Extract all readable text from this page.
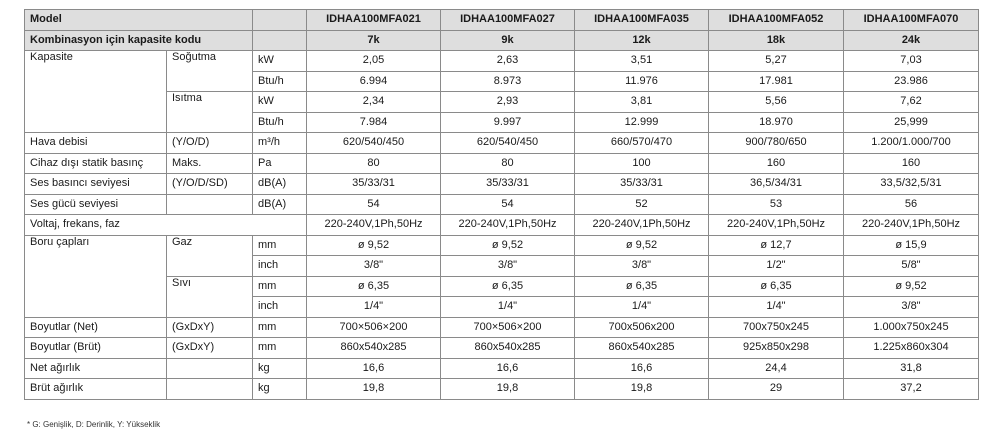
Model			IDHAA100MFA021	IDHAA100MFA027	IDHAA100MFA035	IDHAA100MFA052	IDHAA100MFA070
Kombinasyon için kapasite kodu			7k	9k	12k	18k	24k
Kapasite	Soğutma	kW	2,05	2,63	3,51	5,27	7,03
		Btu/h	6.994	8.973	11.976	17.981	23.986
	Isıtma	kW	2,34	2,93	3,81	5,56	7,62
		Btu/h	7.984	9.997	12.999	18.970	25,999
Hava debisi	(Y/O/D)	m³/h	620/540/450	620/540/450	660/570/470	900/780/650	1.200/1.000/700
Cihaz dışı statik basınç	Maks.	Pa	80	80	100	160	160
Ses basıncı seviyesi	(Y/O/D/SD)	dB(A)	35/33/31	35/33/31	35/33/31	36,5/34/31	33,5/32,5/31
Ses gücü seviyesi		dB(A)	54	54	52	53	56
Voltaj, frekans, faz			220-240V,1Ph,50Hz	220-240V,1Ph,50Hz	220-240V,1Ph,50Hz	220-240V,1Ph,50Hz	220-240V,1Ph,50Hz
Boru çapları	Gaz	mm	ø 9,52	ø 9,52	ø 9,52	ø 12,7	ø 15,9
		inch	3/8"	3/8"	3/8"	1/2"	5/8"
	Sıvı	mm	ø 6,35	ø 6,35	ø 6,35	ø 6,35	ø 9,52
		inch	1/4"	1/4"	1/4"	1/4"	3/8"
Boyutlar (Net)	(GxDxY)	mm	700×506×200	700×506×200	700x506x200	700x750x245	1.000x750x245
Boyutlar (Brüt)	(GxDxY)	mm	860x540x285	860x540x285	860x540x285	925x850x298	1.225x860x304
Net ağırlık		kg	16,6	16,6	16,6	24,4	31,8
Brüt ağırlık		kg	19,8	19,8	19,8	29	37,2
* G: Genişlik, D: Derinlik, Y: Yükseklik
